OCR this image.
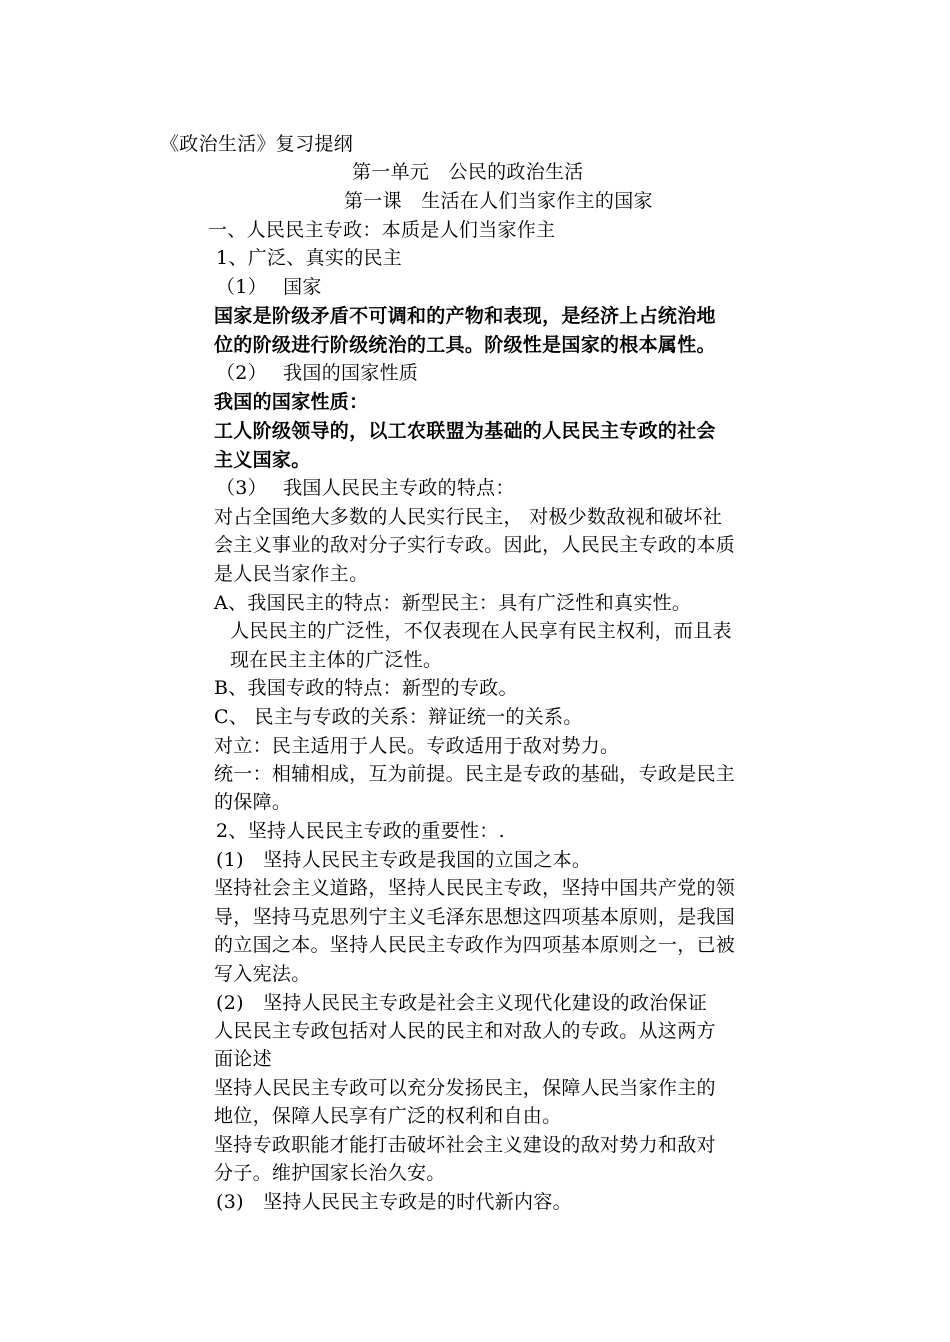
《政治生活》复习提纲
第一单元　公民的政治生活
第一课　生活在人们当家作主的国家
一、人民民主专政：本质是人们当家作主
1、广泛、真实的民主
（1）　 国家
国家是阶级矛盾不可调和的产物和表现，是经济上占统治地
位的阶级进行阶级统治的工具。阶级性是国家的根本属性。
（2）　 我国的国家性质
我国的国家性质：
工人阶级领导的，以工农联盟为基础的人民民主专政的社会
主义国家。
（3）　 我国人民民主专政的特点：
对占全国绝大多数的人民实行民主， 对极少数敌视和破坏社
会主义事业的敌对分子实行专政。因此，人民民主专政的本质
是人民当家作主。
A、我国民主的特点：新型民主：具有广泛性和真实性。
人民民主的广泛性，不仅表现在人民享有民主权利，而且表
现在民主主体的广泛性。
B、我国专政的特点：新型的专政。
C、 民主与专政的关系：辩证统一的关系。
对立：民主适用于人民。专政适用于敌对势力。
统一：相辅相成，互为前提。民主是专政的基础，专政是民主
的保障。
2、坚持人民民主专政的重要性：.
(1)　坚持人民民主专政是我国的立国之本。
坚持社会主义道路，坚持人民民主专政，坚持中国共产党的领
导，坚持马克思列宁主义毛泽东思想这四项基本原则，是我国
的立国之本。坚持人民民主专政作为四项基本原则之一，已被
写入宪法。
(2)　坚持人民民主专政是社会主义现代化建设的政治保证
人民民主专政包括对人民的民主和对敌人的专政。从这两方
面论述
坚持人民民主专政可以充分发扬民主，保障人民当家作主的
地位，保障人民享有广泛的权利和自由。
坚持专政职能才能打击破坏社会主义建设的敌对势力和敌对
分子。维护国家长治久安。
(3)　坚持人民民主专政是的时代新内容。
